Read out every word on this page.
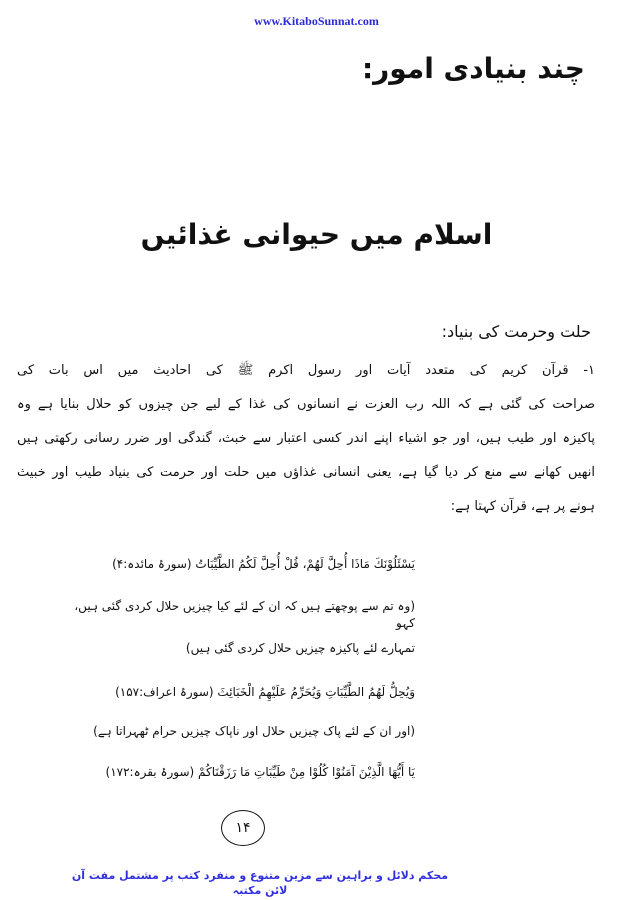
www.KitaboSunnat.com
چند بنیادی امور:
اسلام میں حیوانی غذائیں
حلت وحرمت کی بنیاد:
۱- قرآن کریم کی متعدد آیات اور رسول اکرم ﷺ کی احادیث میں اس بات کی
صراحت کی گئی ہے کہ اللہ رب العزت نے انسانوں کی غذا کے لیے جن چیزوں کو حلال بنایا ہے وہ
پاکیزہ اور طیب ہیں، اور جو اشیاء اپنے اندر کسی اعتبار سے خبث، گندگی اور ضرر رسانی رکھتی ہیں
انھیں کھانے سے منع کر دیا گیا ہے، یعنی انسانی غذاؤں میں حلت اور حرمت کی بنیاد طیب اور خبیث
ہونے پر ہے، قرآن کہتا ہے:
يَسْئَلُوْنَكَ مَاذَا أُحِلَّ لَهُمْ، قُلْ أُحِلَّ لَكُمُ الطَّيِّبَاتُ (سورۂ مائدہ:۴)
(وہ تم سے پوچھتے ہیں کہ ان کے لئے کیا چیزیں حلال کردی گئی ہیں، کہو
تمہارے لئے پاکیزہ چیزیں حلال کردی گئی ہیں)
وَيُحِلُّ لَهُمُ الطَّيِّبَاتِ وَيُحَرِّمُ عَلَيْهِمُ الْخَبَائِثَ (سورۂ اعراف:۱۵۷)
(اور ان کے لئے پاک چیزیں حلال اور ناپاک چیزیں حرام ٹھہراتا ہے)
يَا أَيُّهَا الَّذِيْنَ آمَنُوْا كُلُوْا مِنْ طَيِّبَاتِ مَا رَزَقْنَاكُمْ (سورۂ بقرہ:۱۷۲)
۱۴
محکم دلائل و براہین سے مزین متنوع و منفرد کتب پر مشتمل مفت آن لائن مکتبہ
